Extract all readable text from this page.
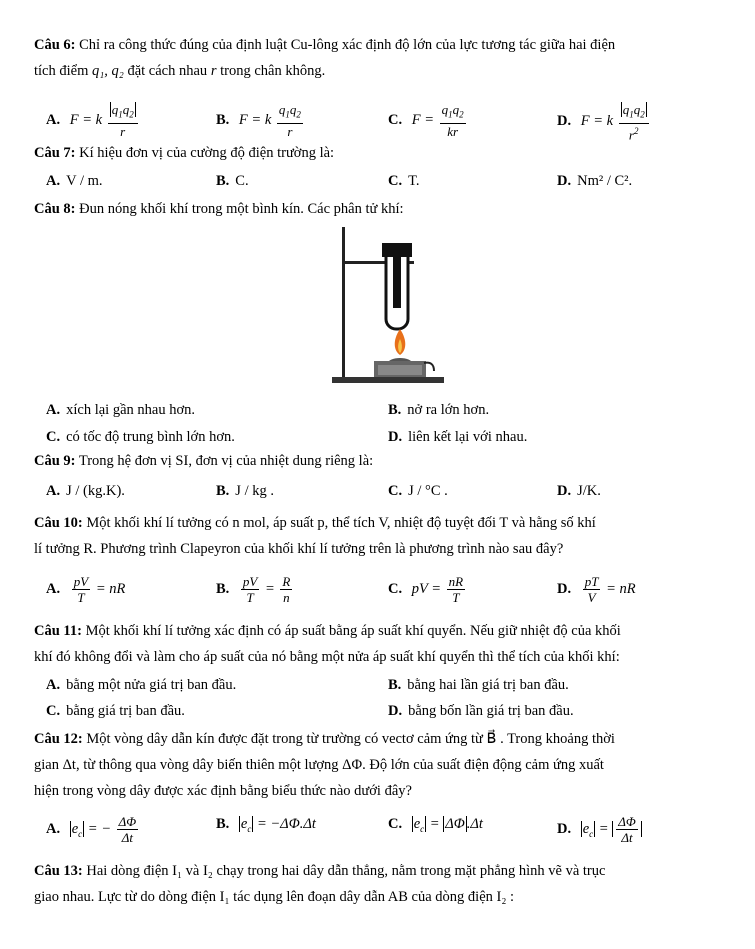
Câu 6: Chỉ ra công thức đúng của định luật Cu-lông xác định độ lớn của lực tương tác giữa hai điện
tích điểm q₁, q₂ đặt cách nhau r trong chân không.
A. F = k $\frac{q_1q_2}{r}$	B. F = k $\frac{q_1q_2}{r}$	C. $F = \frac{q_1q_2}{kr}$	D. F = k $\frac{q_1q_2}{r^2}$
Câu 7: Kí hiệu đơn vị của cường độ điện trường là:
A. V / m.	B. C.	C. T.	D. Nm² / C².
Câu 8: Đun nóng khối khí trong một bình kín. Các phân tử khí:
A. xích lại gần nhau hơn.	B. nở ra lớn hơn.
C. có tốc độ trung bình lớn hơn.	D. liên kết lại với nhau.
Câu 9: Trong hệ đơn vị SI, đơn vị của nhiệt dung riêng là:
A. J / (kg.K).	B. J / kg .	C. J / °C .	D. J/K.
Câu 10: Một khối khí lí tưởng có n mol, áp suất p, thể tích V, nhiệt độ tuyệt đối T và hằng số khí
lí tưởng R. Phương trình Clapeyron của khối khí lí tưởng trên là phương trình nào sau đây?
A. $\frac{pV}{T}$ = nR	B. $\frac{pV}{T} = \frac{R}{n}$	C. pV = $\frac{nR}{T}$	D. $\frac{pT}{V}$ = nR
Câu 11: Một khối khí lí tưởng xác định có áp suất bằng áp suất khí quyển. Nếu giữ nhiệt độ của khối
khí đó không đổi và làm cho áp suất của nó bằng một nửa áp suất khí quyển thì thể tích của khối khí:
A. bằng một nửa giá trị ban đầu.	B. bằng hai lần giá trị ban đầu.
C. bằng giá trị ban đầu.	D. bằng bốn lần giá trị ban đầu.
Câu 12: Một vòng dây dẫn kín được đặt trong từ trường có vectơ cảm ứng từ B⃗ . Trong khoảng thời
gian Δt, từ thông qua vòng dây biến thiên một lượng ΔΦ. Độ lớn của suất điện động cảm ứng xuất
hiện trong vòng dây được xác định bằng biểu thức nào dưới đây?
A. $e_c$ = − $\frac{\Delta\Phi}{\Delta t}$	B. $e_c = -\Delta\Phi.\Delta t$	C. $e_c = \Delta\Phi$ .Δt	D. $e_c = \frac{\Delta\Phi}{\Delta t}$
Câu 13: Hai dòng điện I₁ và I₂ chạy trong hai dây dẫn thẳng, nằm trong mặt phẳng hình vẽ và trục
giao nhau. Lực từ do dòng điện I₁ tác dụng lên đoạn dây dẫn AB của dòng điện I₂ :
